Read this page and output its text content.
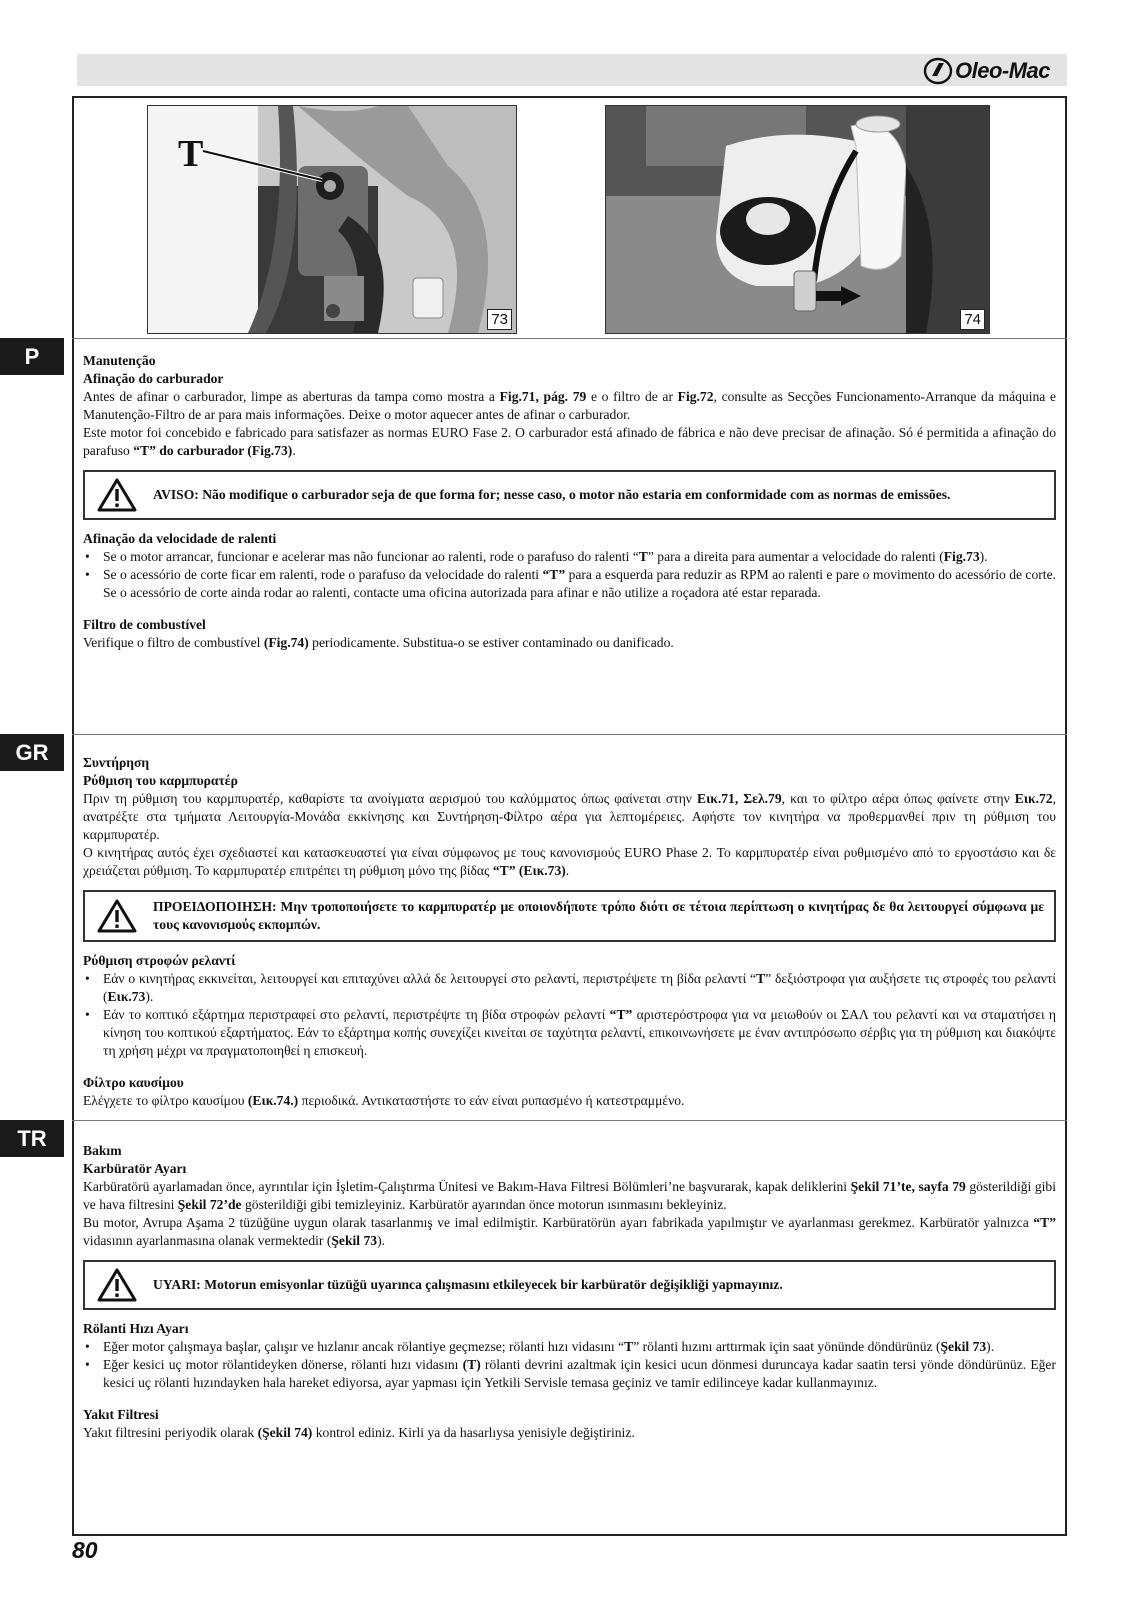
Oleo-Mac
T
73	74
P	Manutenção

Afinação do carburador

Antes de afinar o carburador, limpe as aberturas da tampa como mostra a Fig.71, pág. 79 e o filtro de ar Fig.72, consulte as Secções Funcionamento-Arranque da máquina e Manutenção-Filtro de ar para mais informações. Deixe o motor aquecer antes de afinar o carburador.

Este motor foi concebido e fabricado para satisfazer as normas EURO Fase 2. O carburador está afinado de fábrica e não deve precisar de afinação. Só é permitida a afinação do parafuso “T” do carburador (Fig.73).

AVISO: Não modifique o carburador seja de que forma for; nesse caso, o motor não estaria em conformidade com as normas de emissões.

Afinação da velocidade de ralenti

• Se o motor arrancar, funcionar e acelerar mas não funcionar ao ralenti, rode o parafuso do ralenti “T” para a direita para aumentar a velocidade do ralenti (Fig.73).
• Se o acessório de corte ficar em ralenti, rode o parafuso da velocidade do ralenti “T” para a esquerda para reduzir as RPM ao ralenti e pare o movimento do acessório de corte. Se o acessório de corte ainda rodar ao ralenti, contacte uma oficina autorizada para afinar e não utilize a roçadora até estar reparada.

Filtro de combustível

Verifique o filtro de combustível (Fig.74) periodicamente. Substitua-o se estiver contaminado ou danificado.

GR	Συντήρηση

Ρύθμιση του καρμπυρατέρ

Πριν τη ρύθμιση του καρμπυρατέρ, καθαρίστε τα ανοίγματα αερισμού του καλύμματος όπως φαίνεται στην Εικ.71, Σελ.79, και το φίλτρο αέρα όπως φαίνετε στην Εικ.72, ανατρέξτε στα τμήματα Λειτουργία-Μονάδα εκκίνησης και Συντήρηση-Φίλτρο αέρα για λεπτομέρειες. Αφήστε τον κινητήρα να προθερμανθεί πριν τη ρύθμιση του καρμπυρατέρ.

Ο κινητήρας αυτός έχει σχεδιαστεί και κατασκευαστεί για είναι σύμφωνος με τους κανονισμούς EURO Phase 2. Το καρμπυρατέρ είναι ρυθμισμένο από το εργοστάσιο και δε χρειάζεται ρύθμιση. Το καρμπυρατέρ επιτρέπει τη ρύθμιση μόνο της βίδας “T” (Εικ.73).

ΠΡΟΕΙΔΟΠΟΙΗΣΗ: Μην τροποποιήσετε το καρμπυρατέρ με οποιονδήποτε τρόπο διότι σε τέτοια περίπτωση ο κινητήρας δε θα λειτουργεί σύμφωνα με τους κανονισμούς εκπομπών.

Ρύθμιση στροφών ρελαντί

• Εάν ο κινητήρας εκκινείται, λειτουργεί και επιταχύνει αλλά δε λειτουργεί στο ρελαντί, περιστρέψετε τη βίδα ρελαντί “T” δεξιόστροφα για αυξήσετε τις στροφές του ρελαντί (Εικ.73).
• Εάν το κοπτικό εξάρτημα περιστραφεί στο ρελαντί, περιστρέψτε τη βίδα στροφών ρελαντί “T” αριστερόστροφα για να μειωθούν οι ΣΑΛ του ρελαντί και να σταματήσει η κίνηση του κοπτικού εξαρτήματος. Εάν το εξάρτημα κοπής συνεχίζει κινείται σε ταχύτητα ρελαντί, επικοινωνήσετε με έναν αντιπρόσωπο σέρβις για τη ρύθμιση και διακόψτε τη χρήση μέχρι να πραγματοποιηθεί η επισκευή.

Φίλτρο καυσίμου

Ελέγχετε το φίλτρο καυσίμου (Εικ.74.) περιοδικά. Αντικαταστήστε το εάν είναι ρυπασμένο ή κατεστραμμένο.

TR	Bakım

Karbüratör Ayarı

Karbüratörü ayarlamadan önce, ayrıntılar için İşletim-Çalıştırma Ünitesi ve Bakım-Hava Filtresi Bölümleri’ne başvurarak, kapak deliklerini Şekil 71’te, sayfa 79 gösterildiği gibi ve hava filtresini Şekil 72’de gösterildiği gibi temizleyiniz. Karbüratör ayarından önce motorun ısınmasını bekleyiniz.

Bu motor, Avrupa Aşama 2 tüzüğüne uygun olarak tasarlanmış ve imal edilmiştir. Karbüratörün ayarı fabrikada yapılmıştır ve ayarlanması gerekmez. Karbüratör yalnızca “T” vidasının ayarlanmasına olanak vermektedir (Şekil 73).

UYARI: Motorun emisyonlar tüzüğü uyarınca çalışmasını etkileyecek bir karbüratör değişikliği yapmayınız.

Rölanti Hızı Ayarı

• Eğer motor çalışmaya başlar, çalışır ve hızlanır ancak rölantiye geçmezse; rölanti hızı vidasını “T” rölanti hızını arttırmak için saat yönünde döndürünüz (Şekil 73).
• Eğer kesici uç motor rölantideyken dönerse, rölanti hızı vidasını (T) rölanti devrini azaltmak için kesici ucun dönmesi duruncaya kadar saatin tersi yönde döndürünüz. Eğer kesici uç rölanti hızındayken hala hareket ediyorsa, ayar yapması için Yetkili Servisle temasa geçiniz ve tamir edilinceye kadar kullanmayınız.

Yakıt Filtresi

Yakıt filtresini periyodik olarak (Şekil 74) kontrol ediniz. Kirli ya da hasarlıysa yenisiyle değiştiriniz.

80
